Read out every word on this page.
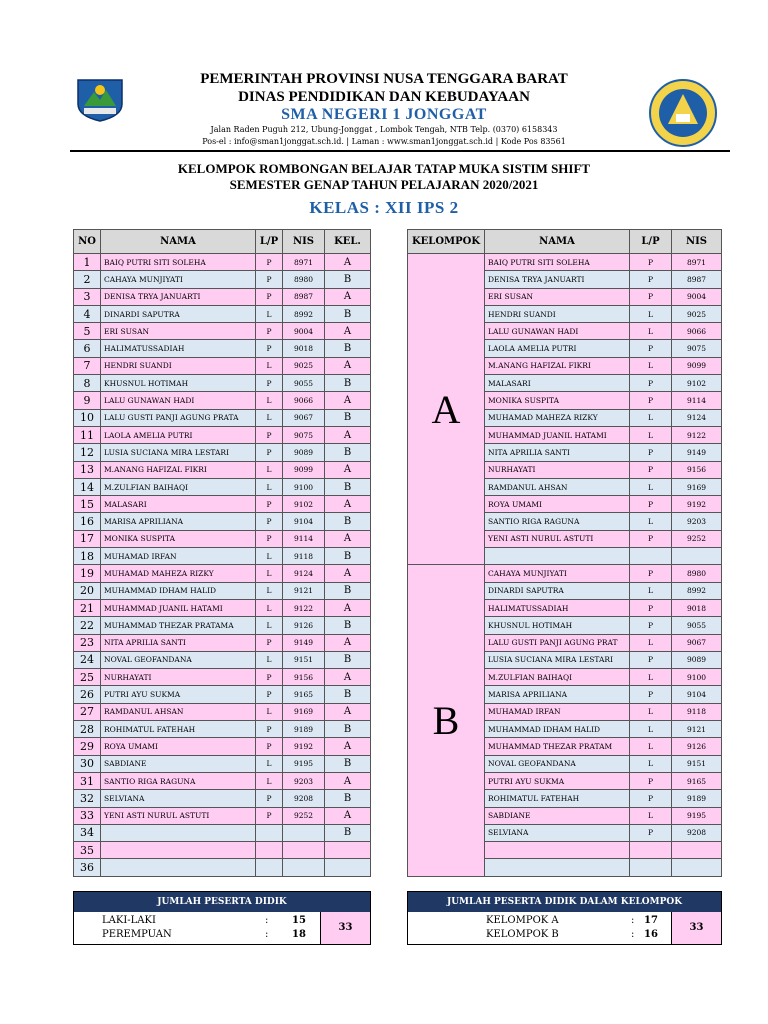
PEMERINTAH PROVINSI NUSA TENGGARA BARAT
DINAS PENDIDIKAN DAN KEBUDAYAAN
SMA NEGERI 1 JONGGAT
Jalan Raden Puguh 212, Ubung-Jonggat , Lombok Tengah, NTB Telp. (0370) 6158343
Pos-el : info@sman1jonggat.sch.id. | Laman : www.sman1jonggat.sch.id | Kode Pos 83561
KELOMPOK ROMBONGAN BELAJAR TATAP MUKA SISTIM SHIFT
SEMESTER GENAP TAHUN PELAJARAN 2020/2021
KELAS : XII IPS 2
NO	NAMA	L/P	NIS	KEL.
1	BAIQ PUTRI SITI SOLEHA	P	8971	A
2	CAHAYA MUNJIYATI	P	8980	B
3	DENISA TRYA JANUARTI	P	8987	A
4	DINARDI SAPUTRA	L	8992	B
5	ERI SUSAN	P	9004	A
6	HALIMATUSSADIAH	P	9018	B
7	HENDRI SUANDI	L	9025	A
8	KHUSNUL HOTIMAH	P	9055	B
9	LALU GUNAWAN HADI	L	9066	A
10	LALU GUSTI PANJI AGUNG PRATA	L	9067	B
11	LAOLA AMELIA PUTRI	P	9075	A
12	LUSIA SUCIANA MIRA LESTARI	P	9089	B
13	M.ANANG HAFIZAL FIKRI	L	9099	A
14	M.ZULFIAN BAIHAQI	L	9100	B
15	MALASARI	P	9102	A
16	MARISA APRILIANA	P	9104	B
17	MONIKA SUSPITA	P	9114	A
18	MUHAMAD IRFAN	L	9118	B
19	MUHAMAD MAHEZA RIZKY	L	9124	A
20	MUHAMMAD IDHAM HALID	L	9121	B
21	MUHAMMAD JUANIL HATAMI	L	9122	A
22	MUHAMMAD THEZAR PRATAMA	L	9126	B
23	NITA APRILIA SANTI	P	9149	A
24	NOVAL GEOFANDANA	L	9151	B
25	NURHAYATI	P	9156	A
26	PUTRI AYU SUKMA	P	9165	B
27	RAMDANUL AHSAN	L	9169	A
28	ROHIMATUL FATEHAH	P	9189	B
29	ROYA UMAMI	P	9192	A
30	SABDIANE	L	9195	B
31	SANTIO RIGA RAGUNA	L	9203	A
32	SELVIANA	P	9208	B
33	YENI ASTI NURUL ASTUTI	P	9252	A
34				B
35				
36				
KELOMPOK	NAMA	L/P	NIS
A	BAIQ PUTRI SITI SOLEHA	P	8971
	DENISA TRYA JANUARTI	P	8987
	ERI SUSAN	P	9004
	HENDRI SUANDI	L	9025
	LALU GUNAWAN HADI	L	9066
	LAOLA AMELIA PUTRI	P	9075
	M.ANANG HAFIZAL FIKRI	L	9099
	MALASARI	P	9102
	MONIKA SUSPITA	P	9114
	MUHAMAD MAHEZA RIZKY	L	9124
	MUHAMMAD JUANIL HATAMI	L	9122
	NITA APRILIA SANTI	P	9149
	NURHAYATI	P	9156
	RAMDANUL AHSAN	L	9169
	ROYA UMAMI	P	9192
	SANTIO RIGA RAGUNA	L	9203
	YENI ASTI NURUL ASTUTI	P	9252

B	CAHAYA MUNJIYATI	P	8980
	DINARDI SAPUTRA	L	8992
	HALIMATUSSADIAH	P	9018
	KHUSNUL HOTIMAH	P	9055
	LALU GUSTI PANJI AGUNG PRAT	L	9067
	LUSIA SUCIANA MIRA LESTARI	P	9089
	M.ZULFIAN BAIHAQI	L	9100
	MARISA APRILIANA	P	9104
	MUHAMAD IRFAN	L	9118
	MUHAMMAD IDHAM HALID	L	9121
	MUHAMMAD THEZAR PRATAM	L	9126
	NOVAL GEOFANDANA	L	9151
	PUTRI AYU SUKMA	P	9165
	ROHIMATUL FATEHAH	P	9189
	SABDIANE	L	9195
	SELVIANA	P	9208

JUMLAH PESERTA DIDIK
LAKI-LAKI	: 15
PEREMPUAN	: 18
33
JUMLAH PESERTA DIDIK DALAM KELOMPOK
KELOMPOK A	: 17
KELOMPOK B	: 16
33
